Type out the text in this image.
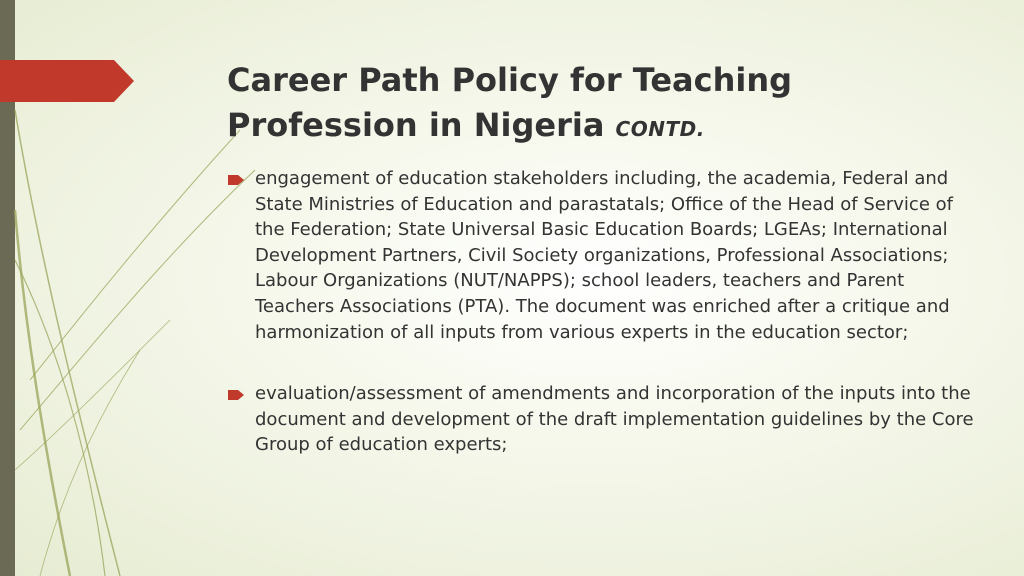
Career Path Policy for Teaching Profession in Nigeria CONTD.
engagement of education stakeholders including, the academia, Federal and State Ministries of Education and parastatals; Office of the Head of Service of the Federation; State Universal Basic Education Boards; LGEAs; International Development Partners, Civil Society organizations, Professional Associations; Labour Organizations (NUT/NAPPS); school leaders, teachers and Parent Teachers Associations (PTA). The document was enriched after a critique and harmonization of all inputs from various experts in the education sector;
evaluation/assessment of amendments and incorporation of the inputs into the document and development of the draft implementation guidelines by the Core Group of education experts;
